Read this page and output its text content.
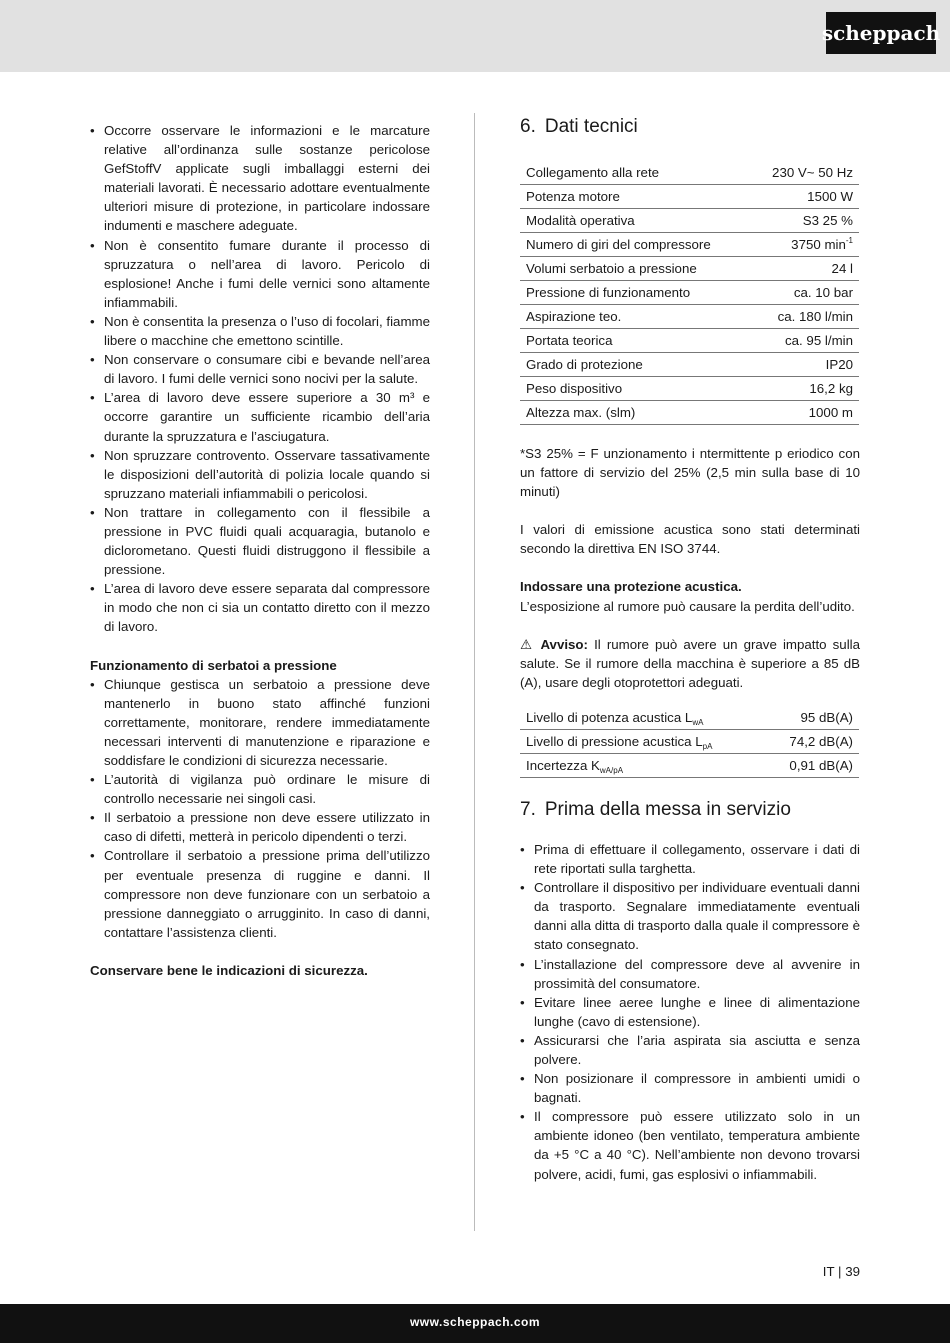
scheppach
• Occorre osservare le informazioni e le marcature relative all’ordinanza sulle sostanze pericolose GefStoffV applicate sugli imballaggi esterni dei materiali lavorati. È necessario adottare eventualmente ulteriori misure di protezione, in particolare indossare indumenti e maschere adeguate.
• Non è consentito fumare durante il processo di spruzzatura o nell’area di lavoro. Pericolo di esplosione! Anche i fumi delle vernici sono altamente infiammabili.
• Non è consentita la presenza o l’uso di focolari, fiamme libere o macchine che emettono scintille.
• Non conservare o consumare cibi e bevande nell’area di lavoro. I fumi delle vernici sono nocivi per la salute.
• L’area di lavoro deve essere superiore a 30 m³ e occorre garantire un sufficiente ricambio dell’aria durante la spruzzatura e l’asciugatura.
• Non spruzzare controvento. Osservare tassativamente le disposizioni dell’autorità di polizia locale quando si spruzzano materiali infiammabili o pericolosi.
• Non trattare in collegamento con il flessibile a pressione in PVC fluidi quali acquaragia, butanolo e diclorometano. Questi fluidi distruggono il flessibile a pressione.
• L’area di lavoro deve essere separata dal compressore in modo che non ci sia un contatto diretto con il mezzo di lavoro.
Funzionamento di serbatoi a pressione
• Chiunque gestisca un serbatoio a pressione deve mantenerlo in buono stato affinché funzioni correttamente, monitorare, rendere immediatamente necessari interventi di manutenzione e riparazione e soddisfare le condizioni di sicurezza necessarie.
• L’autorità di vigilanza può ordinare le misure di controllo necessarie nei singoli casi.
• Il serbatoio a pressione non deve essere utilizzato in caso di difetti, metterà in pericolo dipendenti o terzi.
• Controllare il serbatoio a pressione prima dell’utilizzo per eventuale presenza di ruggine e danni. Il compressore non deve funzionare con un serbatoio a pressione danneggiato o arrugginito. In caso di danni, contattare l’assistenza clienti.
Conservare bene le indicazioni di sicurezza.
6. Dati tecnici
Collegamento alla rete	230 V~ 50 Hz
Potenza motore	1500 W
Modalità operativa	S3 25 %
Numero di giri del compressore	3750 $\min^{-1}$
Volumi serbatoio a pressione	24 l
Pressione di funzionamento	ca. 10 bar
Aspirazione teo.	ca. 180 l/min
Portata teorica	ca. 95 l/min
Grado di protezione	IP20
Peso dispositivo	16,2 kg
Altezza max. (slm)	1000 m

*S3 25% = F unzionamento i ntermittente p eriodico con un fattore di servizio del 25% (2,5 min sulla base di 10 minuti)

I valori di emissione acustica sono stati determinati secondo la direttiva EN ISO 3744.

Indossare una protezione acustica.

L’esposizione al rumore può causare la perdita dell’udito.

⚠ Avviso: Il rumore può avere un grave impatto sulla salute. Se il rumore della macchina è superiore a 85 dB (A), usare degli otoprotettori adeguati.

Livello di potenza acustica $L_{wA}$	95 dB(A)
Livello di pressione acustica $L_{pA}$	74,2 dB(A)
Incertezza $K_{wA/pA}$	0,91 dB(A)
7. Prima della messa in servizio
• Prima di effettuare il collegamento, osservare i dati di rete riportati sulla targhetta.
• Controllare il dispositivo per individuare eventuali danni da trasporto. Segnalare immediatamente eventuali danni alla ditta di trasporto dalla quale il compressore è stato consegnato.
• L’installazione del compressore deve al avvenire in prossimità del consumatore.
• Evitare linee aeree lunghe e linee di alimentazione lunghe (cavo di estensione).
• Assicurarsi che l’aria aspirata sia asciutta e senza polvere.
• Non posizionare il compressore in ambienti umidi o bagnati.
• Il compressore può essere utilizzato solo in un ambiente idoneo (ben ventilato, temperatura ambiente da +5 °C a 40 °C). Nell’ambiente non devono trovarsi polvere, acidi, fumi, gas esplosivi o infiammabili.
IT | 39
www.scheppach.com
